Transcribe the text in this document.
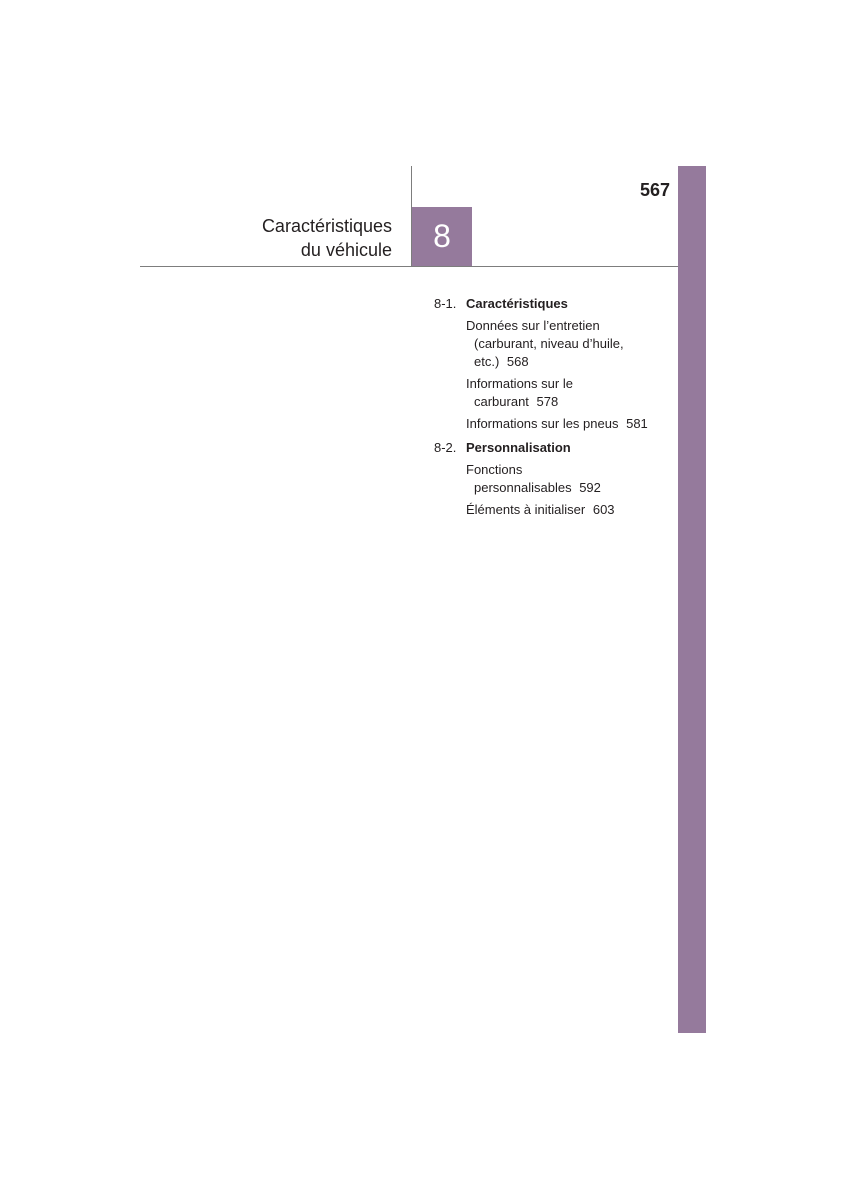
567
Caractéristiques
du véhicule 8
8-1. Caractéristiques
Données sur l’entretien
(carburant, niveau d’huile,
etc.) 568
Informations sur le
carburant 578
Informations sur les pneus 581
8-2. Personnalisation
Fonctions
personnalisables 592
Éléments à initialiser 603
